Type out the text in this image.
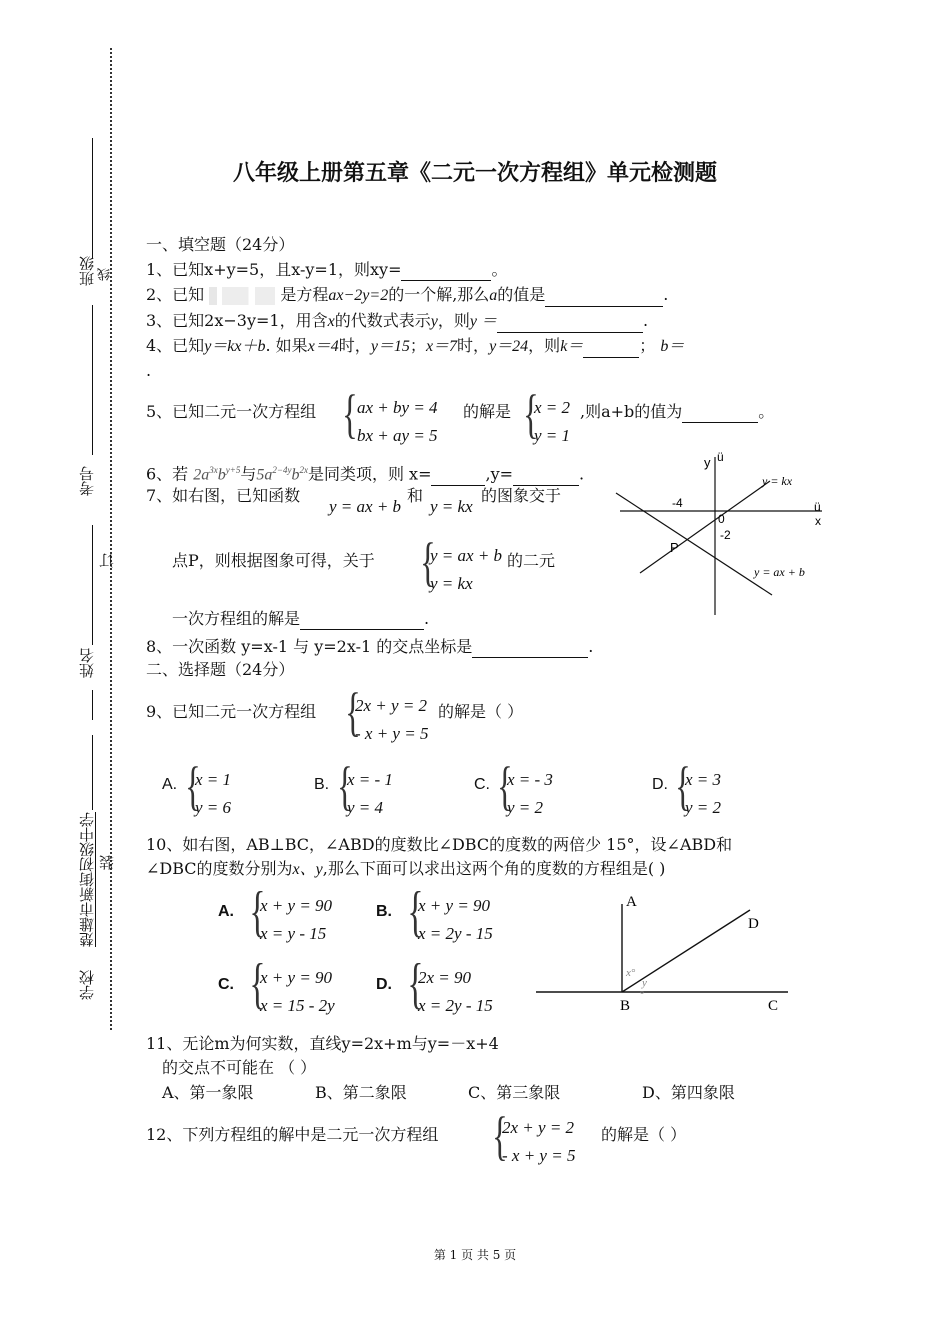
班级 线
考号
订
姓名
楚雄市新街初级中学 装
学校
八年级上册第五章《二元一次方程组》单元检测题
一、填空题（24分）
1、已知x+y=5，且x-y=1，则xy=	。
2、已知	是方程ax−2y=2的一个解,那么a的值是	.
3、已知2x−3y=1，用含x的代数式表示y，则y ＝	.
4、已知y＝kx＋b. 如果x＝4时，y＝15；x＝7时，y＝24，则k＝	； b＝
.
5、已知二元一次方程组 { ax + by = 4
bx + ay = 5
的解是 {
x = 2
y = 1
,则a+b的值为	。
6、若 $2a^{3x}b^{y+5}$与$5a^{2-4y}b^{2x}$是同类项，则 x=	,y=	.
7、如右图，已知函数
y = ax + b
和
y = kx
的图象交于
点P，则根据图象可得，关于 {
y = ax + b
y = kx
的二元
一次方程组的解是	.
y ü
ü
x
0
-4
-2
P
y = kx
y = ax + b
8、一次函数 y=x-1 与 y=2x-1 的交点坐标是	.
二、选择题（24分）
9、已知二元一次方程组 {
2x + y = 2
- x + y = 5
的解是（ ）
A. {
x = 1
y = 6
B. {
x = - 1
y = 4
C. {
x = - 3
y = 2
D. {
x = 3
y = 2
10、如右图，AB⊥BC，∠ABD的度数比∠DBC的度数的两倍少 15°，设∠ABD和
∠DBC的度数分别为x、y,那么下面可以求出这两个角的度数的方程组是( )
A. {
x + y = 90
x = y - 15
B. {
x + y = 90
x = 2y - 15
C. {
x + y = 90
x = 15 - 2y
D. {
2x = 90
x = 2y - 15
A
B	C
D
x°
y
°
11、无论m为何实数，直线y=2x+m与y=－x+4
的交点不可能在 （ ）
A、第一象限	B、第二象限	C、第三象限	D、第四象限
12、下列方程组的解中是二元一次方程组 {
2x + y = 2
- x + y = 5
的解是（ ）
第 1 页 共 5 页
